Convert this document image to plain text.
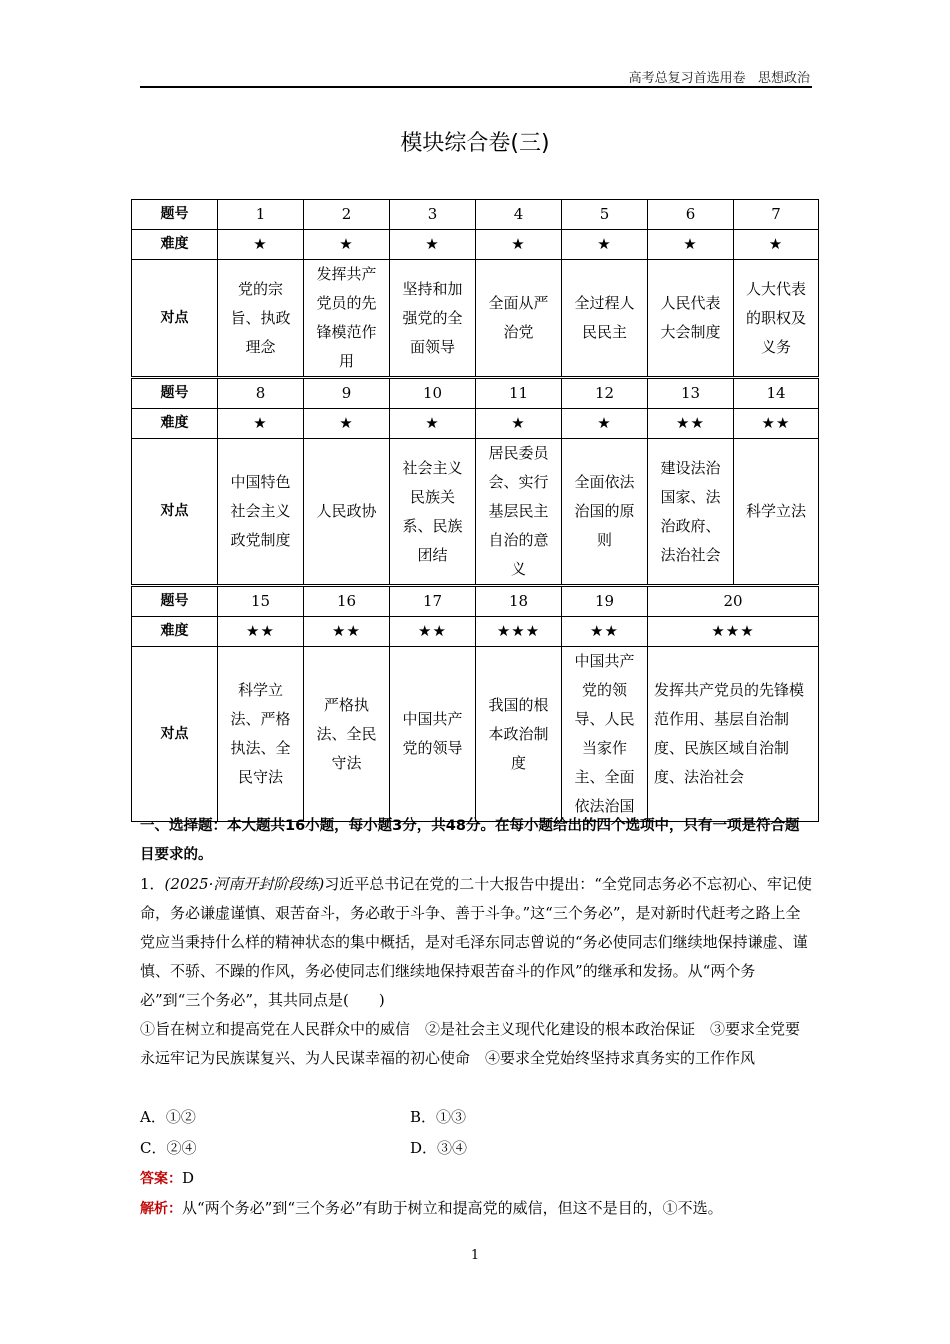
高考总复习首选用卷 思想政治
模块综合卷(三)
题号	1	2	3	4	5	6	7
难度	★	★	★	★	★	★	★
对点	党的宗旨、执政理念	发挥共产党员的先锋模范作用	坚持和加强党的全面领导	全面从严治党	全过程人民民主	人民代表大会制度	人大代表的职权及义务
题号	8	9	10	11	12	13	14
难度	★	★	★	★	★	★★	★★
对点	中国特色社会主义政党制度	人民政协	社会主义民族关系、民族团结	居民委员会、实行基层民主自治的意义	全面依法治国的原则	建设法治国家、法治政府、法治社会	科学立法
题号	15	16	17	18	19	20	
难度	★★	★★	★★	★★★	★★	★★★	
对点	科学立法、严格执法、全民守法	严格执法、全民守法	中国共产党的领导	我国的根本政治制度	中国共产党的领导、人民当家作主、全面依法治国	发挥共产党员的先锋模范作用、基层自治制度、民族区域自治制度、法治社会	
一、选择题：本大题共16小题，每小题3分，共48分。在每小题给出的四个选项中，只有一项是符合题目要求的。
1．(2025·河南开封阶段练)习近平总书记在党的二十大报告中提出：“全党同志务必不忘初心、牢记使命，务必谦虚谨慎、艰苦奋斗，务必敢于斗争、善于斗争。”这“三个务必”，是对新时代赶考之路上全党应当秉持什么样的精神状态的集中概括，是对毛泽东同志曾说的“务必使同志们继续地保持谦虚、谨慎、不骄、不躁的作风，务必使同志们继续地保持艰苦奋斗的作风”的继承和发扬。从“两个务必”到“三个务必”，其共同点是(　　)
①旨在树立和提高党在人民群众中的威信　②是社会主义现代化建设的根本政治保证　③要求全党要永远牢记为民族谋复兴、为人民谋幸福的初心使命　④要求全党始终坚持求真务实的工作作风
A．①②	B．①③
C．②④	D．③④
答案：D
解析：从“两个务必”到“三个务必”有助于树立和提高党的威信，但这不是目的，①不选。
1
